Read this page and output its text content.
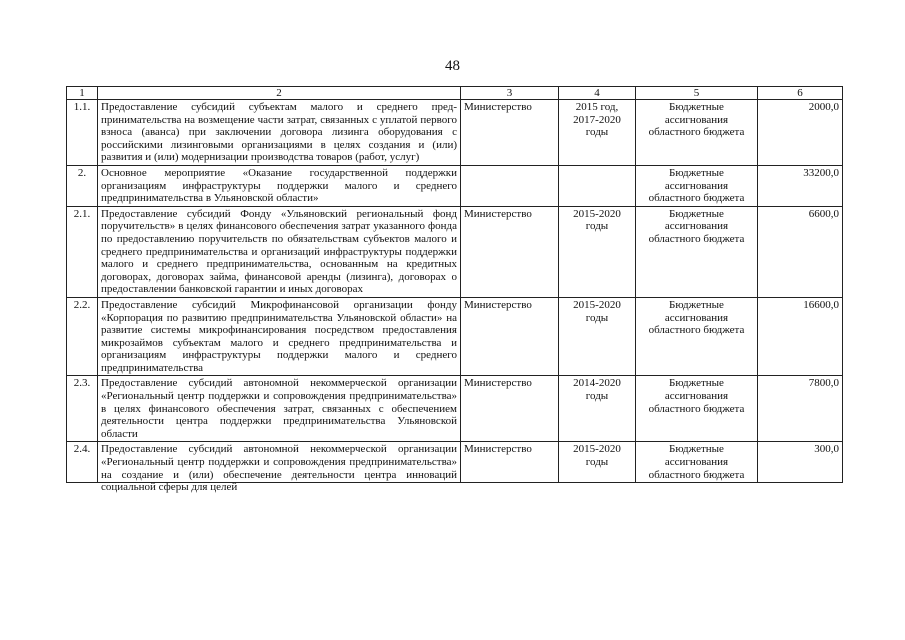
48
1	2	3	4	5	6
1.1.	Предоставление субсидий субъектам малого и среднего предпринимательства на возмещение части затрат, связанных с уплатой первого взноса (аванса) при заключении договора лизинга оборудования с российскими лизинговыми организациями в целях создания и (или) развития и (или) модернизации производства товаров (работ, услуг)	Министерство	2015 год, 2017-2020 годы	Бюджетные ассигнования областного бюджета	2000,0
2.	Основное мероприятие «Оказание государственной поддержки организациям инфраструктуры поддержки малого и среднего предпринимательства в Ульяновской области»			Бюджетные ассигнования областного бюджета	33200,0
2.1.	Предоставление субсидий Фонду «Ульяновский региональный фонд поручительств» в целях финансового обеспечения затрат указанного фонда по предоставлению поручительств по обязательствам субъектов малого и среднего предпринимательства и организаций инфраструктуры поддержки малого и среднего предпринимательства, основанным на кредитных договорах, договорах займа, финансовой аренды (лизинга), договорах о предоставлении банковской гарантии и иных договорах	Министерство	2015-2020 годы	Бюджетные ассигнования областного бюджета	6600,0
2.2.	Предоставление субсидий Микрофинансовой организации фонду «Корпорация по развитию предпринимательства Ульяновской области» на развитие системы микрофинансирования посредством предоставления микрозаймов субъектам малого и среднего предпринимательства и организациям инфраструктуры поддержки малого и среднего предпринимательства	Министерство	2015-2020 годы	Бюджетные ассигнования областного бюджета	16600,0
2.3.	Предоставление субсидий автономной некоммерческой организации «Региональный центр поддержки и сопровождения предпринимательства» в целях финансового обеспечения затрат, связанных с обеспечением деятельности центра поддержки предпринимательства Ульяновской области	Министерство	2014-2020 годы	Бюджетные ассигнования областного бюджета	7800,0
2.4.	Предоставление субсидий автономной некоммерческой организации «Региональный центр поддержки и сопровождения предпринимательства» на создание и (или) обеспечение деятельности центра инноваций социальной сферы для целей	Министерство	2015-2020 годы	Бюджетные ассигнования областного бюджета	300,0
